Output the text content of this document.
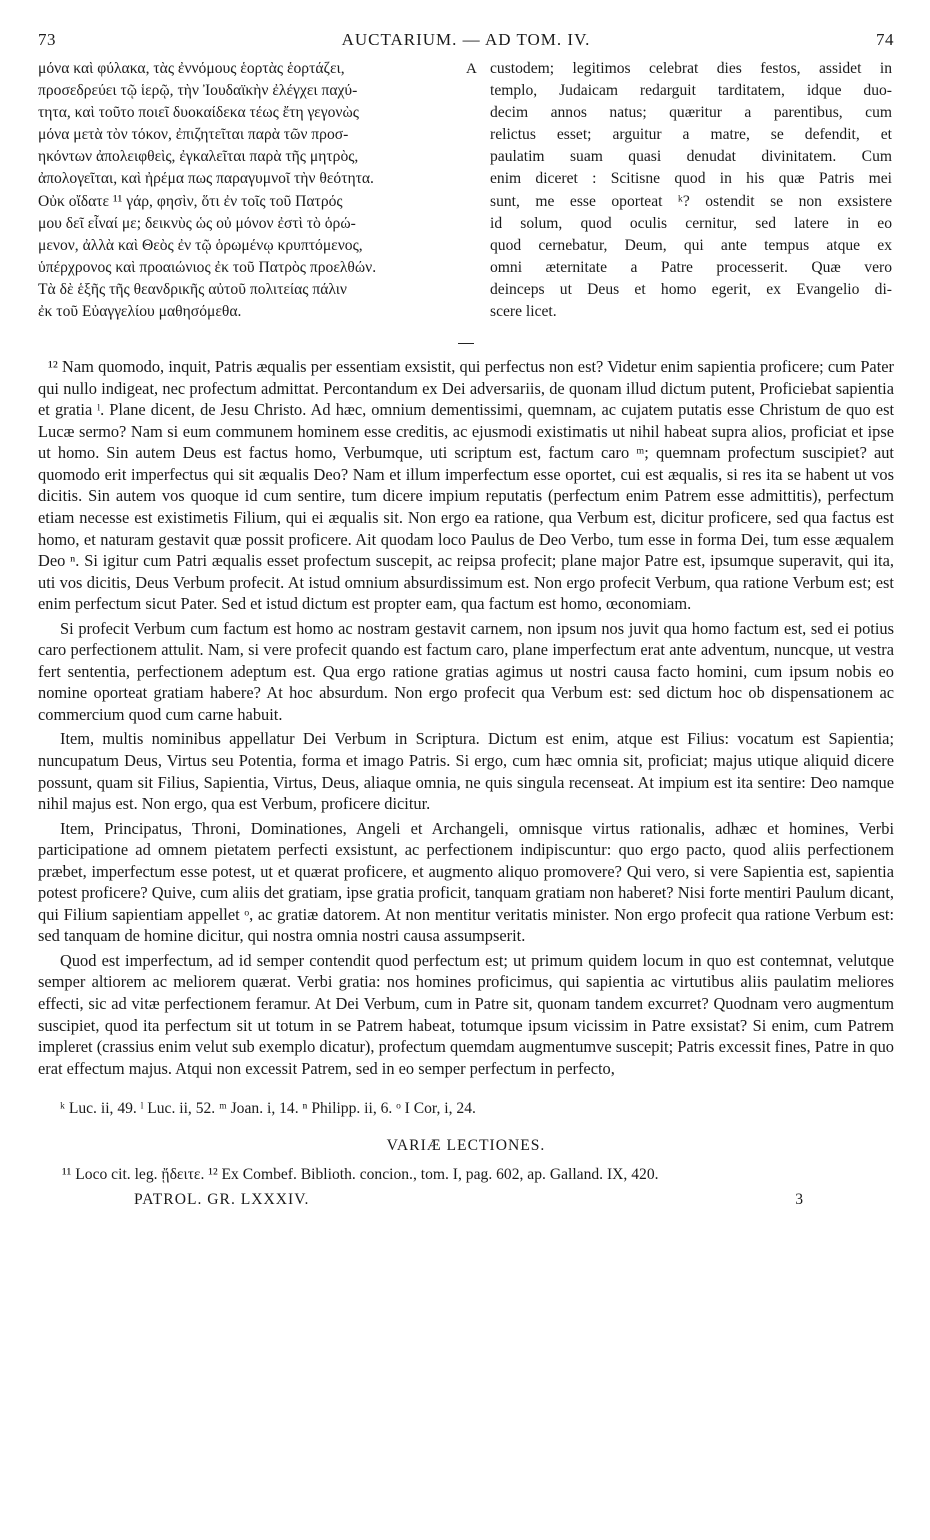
73	AUCTARIUM. — AD TOM. IV.	74
μόνα καὶ φύλακα, τὰς ἐννόμους ἑορτὰς ἑορτάζει,
προσεδρεύει τῷ ἱερῷ, τὴν Ἰουδαϊκὴν ἐλέγχει παχύ-
τητα, καὶ τοῦτο ποιεῖ δυοκαίδεκα τέως ἔτη γεγονὼς
μόνα μετὰ τὸν τόκον, ἐπιζητεῖται παρὰ τῶν προσ-
ηκόντων ἀπολειφθεὶς, ἐγκαλεῖται παρὰ τῆς μητρὸς,
ἀπολογεῖται, καὶ ἠρέμα πως παραγυμνοῖ τὴν θεότητα.
Οὐκ οἴδατε ¹¹ γάρ, φησὶν, ὅτι ἐν τοῖς τοῦ Πατρός
μου δεῖ εἶναί με; δεικνὺς ὡς οὐ μόνον ἐστὶ τὸ ὁρώ-
μενον, ἀλλὰ καὶ Θεὸς ἐν τῷ ὁρωμένῳ κρυπτόμενος,
ὑπέρχρονος καὶ προαιώνιος ἐκ τοῦ Πατρὸς προελθών.
Τὰ δὲ ἑξῆς τῆς θεανδρικῆς αὐτοῦ πολιτείας πάλιν
ἐκ τοῦ Εὐαγγελίου μαθησόμεθα.
A custodem; legitimos celebrat dies festos, assidet in
templo, Judaicam redarguit tarditatem, idque duo-
decim annos natus; quæritur a parentibus, cum
relictus esset; arguitur a matre, se defendit, et
paulatim suam quasi denudat divinitatem. Cum
enim diceret : Scitisne quod in his quæ Patris mei
sunt, me esse oporteat ᵏ? ostendit se non exsistere
id solum, quod oculis cernitur, sed latere in eo
quod cernebatur, Deum, qui ante tempus atque ex
omni æternitate a Patre processerit. Quæ vero
deinceps ut Deus et homo egerit, ex Evangelio di-
scere licet.

¹² Nam quomodo, inquit, Patris æqualis per essentiam exsistit, qui perfectus non est? Videtur enim sapientia proficere; cum Pater qui nullo indigeat, nec profectum admittat. Percontandum ex Dei adversariis, de quonam illud dictum putent, Proficiebat sapientia et gratia ˡ. Plane dicent, de Jesu Christo. Ad hæc, omnium dementissimi, quemnam, ac cujatem putatis esse Christum de quo est Lucæ sermo? Nam si eum communem hominem esse creditis, ac ejusmodi existimatis ut nihil habeat supra alios, proficiat et ipse ut homo. Sin autem Deus est factus homo, Verbumque, uti scriptum est, factum caro ᵐ; quemnam profectum suscipiet? aut quomodo erit imperfectus qui sit æqualis Deo? Nam et illum imperfectum esse oportet, cui est æqualis, si res ita se habent ut vos dicitis. Sin autem vos quoque id cum sentire, tum dicere impium reputatis (perfectum enim Patrem esse admittitis), perfectum etiam necesse est existimetis Filium, qui ei æqualis sit. Non ergo ea ratione, qua Verbum est, dicitur proficere, sed qua factus est homo, et naturam gestavit quæ possit proficere. Ait quodam loco Paulus de Deo Verbo, tum esse in forma Dei, tum esse æqualem Deo ⁿ. Si igitur cum Patri æqualis esset profectum suscepit, ac reipsa profecit; plane major Patre est, ipsumque superavit, qui ita, uti vos dicitis, Deus Verbum profecit. At istud omnium absurdissimum est. Non ergo profecit Verbum, qua ratione Verbum est; est enim perfectum sicut Pater. Sed et istud dictum est propter eam, qua factum est homo, œconomiam.

Si profecit Verbum cum factum est homo ac nostram gestavit carnem, non ipsum nos juvit qua homo factum est, sed ei potius caro perfectionem attulit. Nam, si vere profecit quando est factum caro, plane imperfectum erat ante adventum, nuncque, ut vestra fert sententia, perfectionem adeptum est. Qua ergo ratione gratias agimus ut nostri causa facto homini, cum ipsum nobis eo nomine oporteat gratiam habere? At hoc absurdum. Non ergo profecit qua Verbum est: sed dictum hoc ob dispensationem ac commercium quod cum carne habuit.

Item, multis nominibus appellatur Dei Verbum in Scriptura. Dictum est enim, atque est Filius: vocatum est Sapientia; nuncupatum Deus, Virtus seu Potentia, forma et imago Patris. Si ergo, cum hæc omnia sit, proficiat; majus utique aliquid dicere possunt, quam sit Filius, Sapientia, Virtus, Deus, aliaque omnia, ne quis singula recenseat. At impium est ita sentire: Deo namque nihil majus est. Non ergo, qua est Verbum, proficere dicitur.

Item, Principatus, Throni, Dominationes, Angeli et Archangeli, omnisque virtus rationalis, adhæc et homines, Verbi participatione ad omnem pietatem perfecti exsistunt, ac perfectionem indipiscuntur: quo ergo pacto, quod aliis perfectionem præbet, imperfectum esse potest, ut et quærat proficere, et augmento aliquo promovere? Qui vero, si vere Sapientia est, sapientia potest proficere? Quive, cum aliis det gratiam, ipse gratia proficit, tanquam gratiam non haberet? Nisi forte mentiri Paulum dicant, qui Filium sapientiam appellet ᵒ, ac gratiæ datorem. At non mentitur veritatis minister. Non ergo profecit qua ratione Verbum est: sed tanquam de homine dicitur, qui nostra omnia nostri causa assumpserit.

Quod est imperfectum, ad id semper contendit quod perfectum est; ut primum quidem locum in quo est contemnat, velutque semper altiorem ac meliorem quærat. Verbi gratia: nos homines proficimus, qui sapientia ac virtutibus aliis paulatim meliores effecti, sic ad vitæ perfectionem feramur. At Dei Verbum, cum in Patre sit, quonam tandem excurret? Quodnam vero augmentum suscipiet, quod ita perfectum sit ut totum in se Patrem habeat, totumque ipsum vicissim in Patre exsistat? Si enim, cum Patrem impleret (crassius enim velut sub exemplo dicatur), profectum quemdam augmentumve suscepit; Patris excessit fines, Patre in quo erat effectum majus. Atqui non excessit Patrem, sed in eo semper perfectum in perfecto,

ᵏ Luc. ii, 49. ˡ Luc. ii, 52. ᵐ Joan. i, 14. ⁿ Philipp. ii, 6. ᵒ I Cor, i, 24.
VARIÆ LECTIONES.
¹¹ Loco cit. leg. ᾔδειτε. ¹² Ex Combef. Biblioth. concion., tom. I, pag. 602, ap. Galland. IX, 420.
PATROL. GR. LXXXIV.	3
